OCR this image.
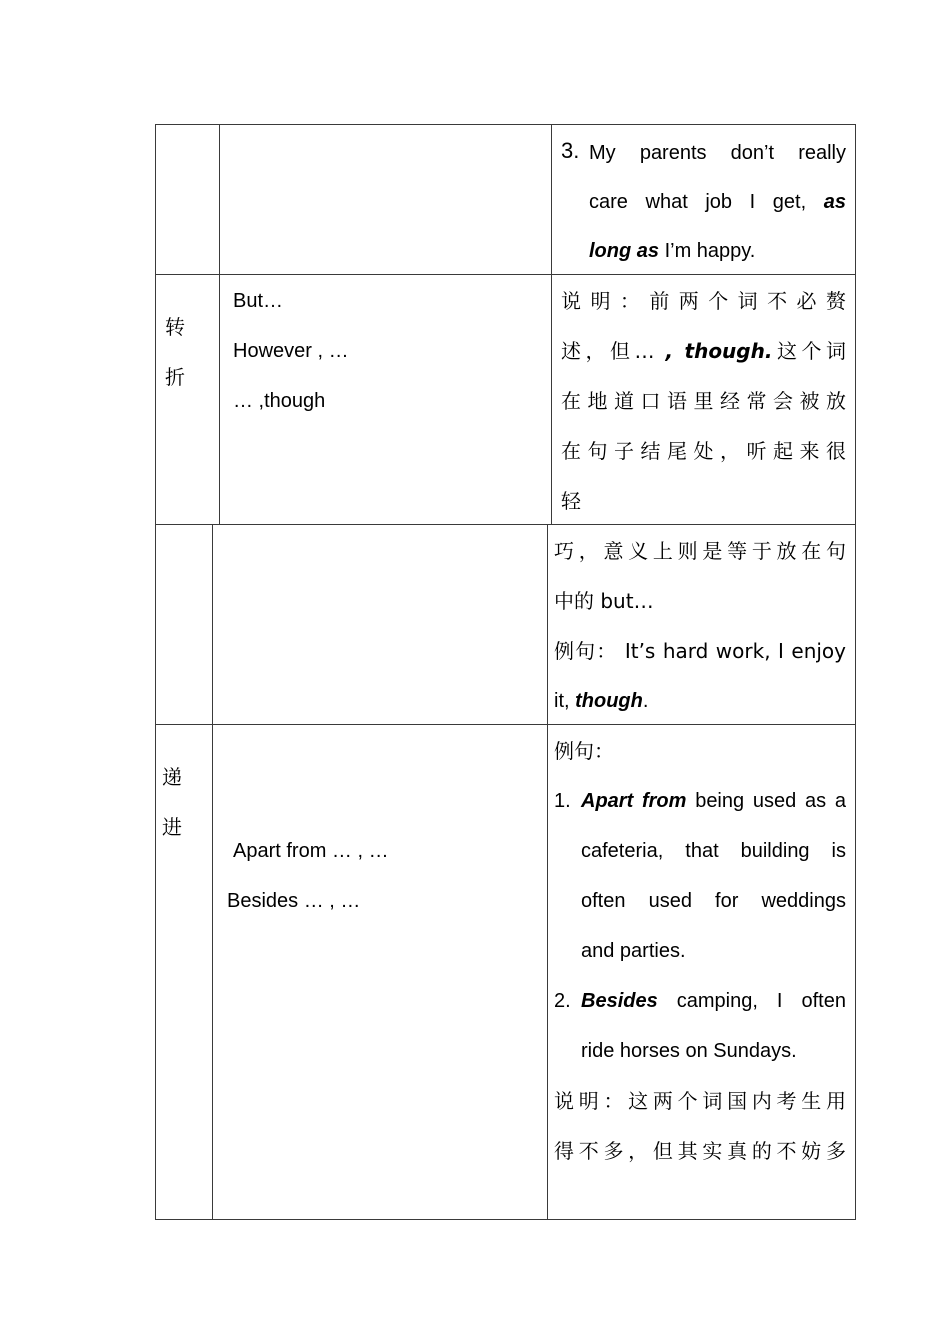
3. My parents don’t really
care what job I get, as
long as I’m happy.
转
折
But…
However , …
… ,though
说明：前两个词不必赘
述，但… , though.这个词
在地道口语里经常会被放
在句子结尾处，听起来很
轻
巧，意义上则是等于放在句
中的 but…
例句： It’s hard work, I enjoy
it, though.
递
进
Apart from … , …
Besides … , …
例句：
1. Apart from being used as a
cafeteria, that building is
often used for weddings
and parties.
2. Besides camping, I often
ride horses on Sundays.
说明：这两个词国内考生用
得不多，但其实真的不妨多
